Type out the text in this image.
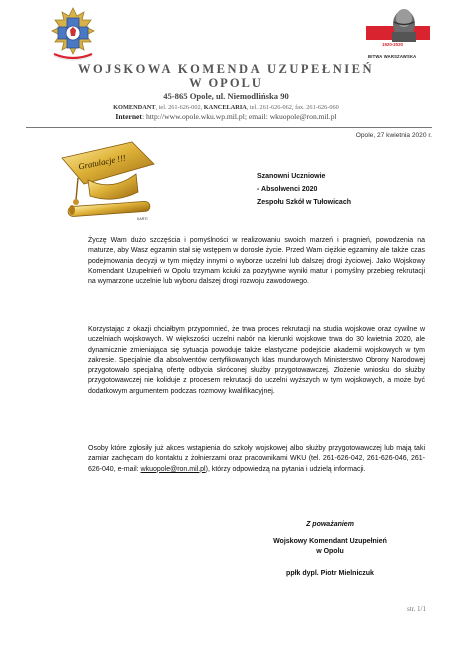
1920-2020
BITWA WARSZAWSKA
WOJSKOWA KOMENDA UZUPEŁNIEŃ
W OPOLU
45-865 Opole, ul. Niemodlińska 90
KOMENDANT, tel. 261-626-002, KANCELARIA, tel. 261-626-062, fax. 261-626-060
Internet: http://www.opole.wku.wp.mil.pl; email: wkuopole@ron.mil.pl
Opole, 27 kwietnia 2020 r.
Gratulacje !!!
KARTI
Szanowni Uczniowie
- Absolwenci 2020
Zespołu Szkół w Tułowicach

Życzę Wam dużo szczęścia i pomyślności w realizowaniu swoich marzeń i pragnień, powodzenia na maturze, aby Wasz egzamin stał się wstępem w dorosłe życie. Przed Wam ciężkie egzaminy ale także czas podejmowania decyzji w tym między innymi o wyborze uczelni lub dalszej drogi życiowej. Jako Wojskowy Komendant Uzupełnień w Opolu trzymam kciuki za pozytywne wyniki matur i pomyślny przebieg rekrutacji na wymarzone uczelnie lub wyboru dalszej drogi rozwoju zawodowego.

Korzystając z okazji chciałbym przypomnieć, że trwa proces rekrutacji na studia wojskowe oraz cywilne w uczelniach wojskowych. W większości uczelni nabór na kierunki wojskowe trwa do 30 kwietnia 2020, ale dynamicznie zmieniająca się sytuacja powoduje także elastyczne podejście akademii wojskowych w tym zakresie. Specjalnie dla absolwentów certyfikowanych klas mundurowych Ministerstwo Obrony Narodowej przygotowało specjalną ofertę odbycia skróconej służby przygotowawczej. Złożenie wniosku do służby przygotowawczej nie koliduje z procesem rekrutacji do uczelni wyższych w tym wojskowych, a może być dodatkowym argumentem podczas rozmowy kwalifikacyjnej.

Osoby które zgłosiły już akces wstąpienia do szkoły wojskowej albo służby przygotowawczej lub mają taki zamiar zachęcam do kontaktu z żołnierzami oraz pracownikami WKU (tel. 261-626-042, 261-626-046, 261-626-040, e-mail: wkuopole@ron.mil.pl), którzy odpowiedzą na pytania i udzielą informacji.

Z poważaniem
Wojskowy Komendant Uzupełnień
w Opolu
ppłk dypl. Piotr Mielniczuk
str. 1/1
